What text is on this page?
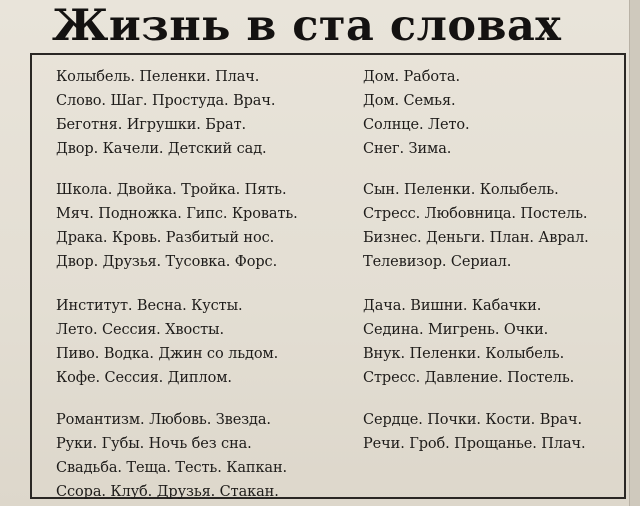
Жизнь в ста словах
Колыбель. Пеленки. Плач.
Слово. Шаг. Простуда. Врач.
Беготня. Игрушки. Брат.
Двор. Качели. Детский сад.
Школа. Двойка. Тройка. Пять.
Мяч. Подножка. Гипс. Кровать.
Драка. Кровь. Разбитый нос.
Двор. Друзья. Тусовка. Форс.
Институт. Весна. Кусты.
Лето. Сессия. Хвосты.
Пиво. Водка. Джин со льдом.
Кофе. Сессия. Диплом.
Романтизм. Любовь. Звезда.
Руки. Губы. Ночь без сна.
Свадьба. Теща. Тесть. Капкан.
Ссора. Клуб. Друзья. Стакан.
Дом. Работа.
Дом. Семья.
Солнце. Лето.
Снег. Зима.
Сын. Пеленки. Колыбель.
Стресс. Любовница. Постель.
Бизнес. Деньги. План. Аврал.
Телевизор. Сериал.
Дача. Вишни. Кабачки.
Седина. Мигрень. Очки.
Внук. Пеленки. Колыбель.
Стресс. Давление. Постель.
Сердце. Почки. Кости. Врач.
Речи. Гроб. Прощанье. Плач.
